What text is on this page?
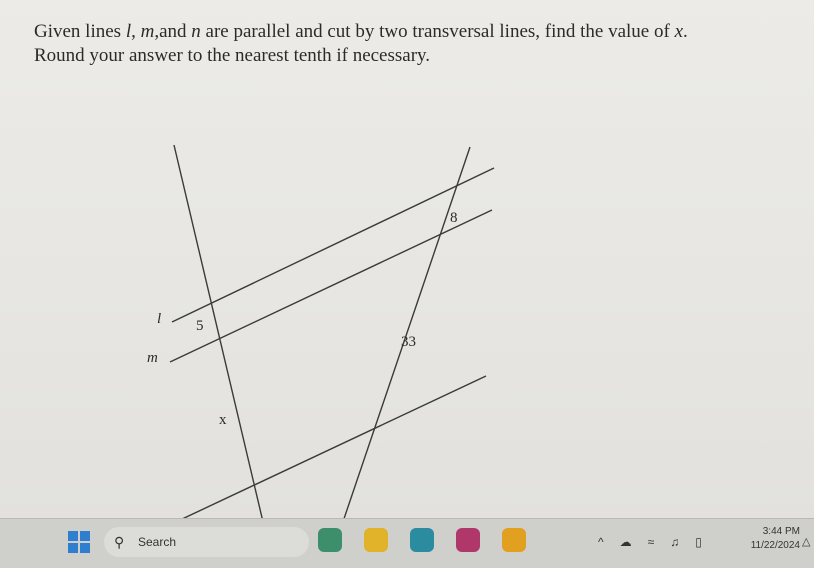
Given lines l, m,and n are parallel and cut by two transversal lines, find the value of x.

Round your answer to the nearest tenth if necessary.

l
m
5
x
8
33
⚲	Search	^ ☁ ≈ ♫ ▯
3:44 PM
11/22/2024 △
